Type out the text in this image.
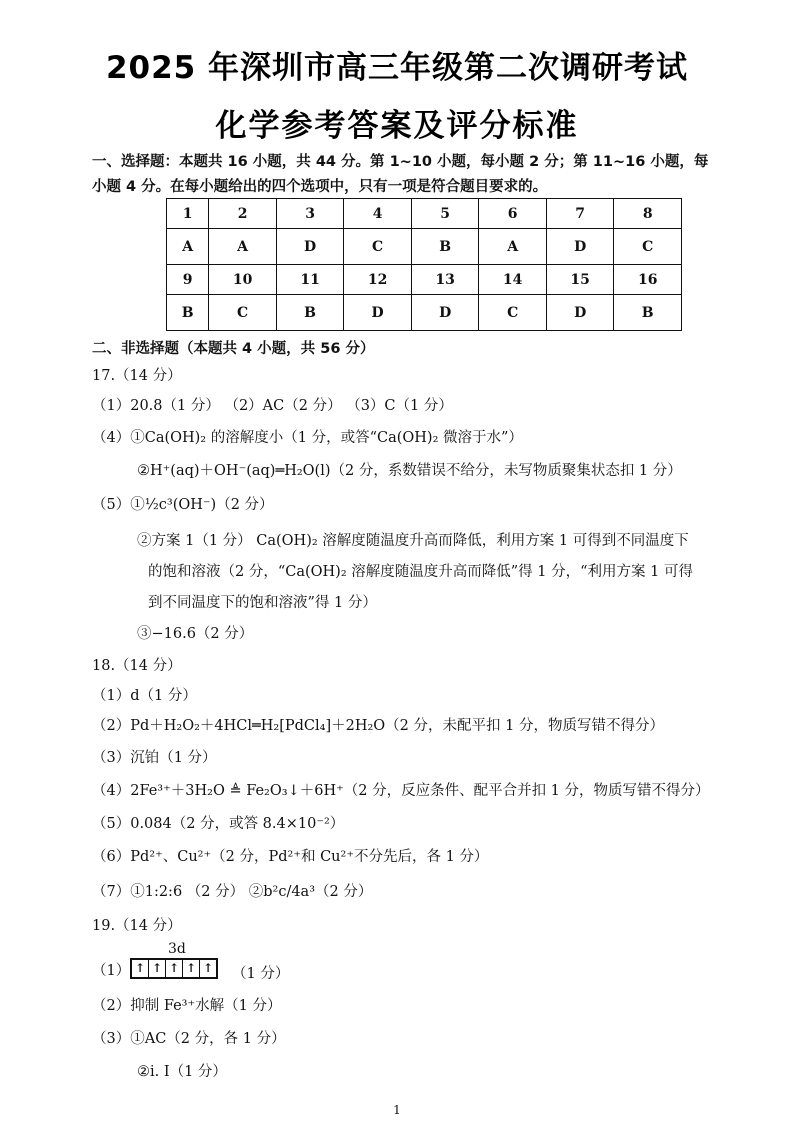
2025 年深圳市高三年级第二次调研考试
化学参考答案及评分标准
一、选择题：本题共 16 小题，共 44 分。第 1~10 小题，每小题 2 分；第 11~16 小题，每小题 4 分。在每小题给出的四个选项中，只有一项是符合题目要求的。
1	2	3	4	5	6	7	8
A	A	D	C	B	A	D	C
9	10	11	12	13	14	15	16
B	C	B	D	D	C	D	B
二、非选择题（本题共 4 小题，共 56 分）
17.（14 分）
（1）20.8（1 分） （2）AC（2 分） （3）C（1 分）
（4）①Ca(OH)₂ 的溶解度小（1 分，或答“Ca(OH)₂ 微溶于水”）
②H⁺(aq)＋OH⁻(aq)═H₂O(l)（2 分，系数错误不给分，未写物质聚集状态扣 1 分）
（5）①½c³(OH⁻)（2 分）
②方案 1（1 分） Ca(OH)₂ 溶解度随温度升高而降低，利用方案 1 可得到不同温度下
的饱和溶液（2 分，“Ca(OH)₂ 溶解度随温度升高而降低”得 1 分，“利用方案 1 可得
到不同温度下的饱和溶液”得 1 分）
③−16.6（2 分）
18.（14 分）
（1）d（1 分）
（2）Pd＋H₂O₂＋4HCl═H₂[PdCl₄]＋2H₂O（2 分，未配平扣 1 分，物质写错不得分）
（3）沉铂（1 分）
（4）2Fe³⁺＋3H₂O ≜ Fe₂O₃↓＋6H⁺（2 分，反应条件、配平合并扣 1 分，物质写错不得分）
（5）0.084（2 分，或答 8.4×10⁻²）
（6）Pd²⁺、Cu²⁺（2 分，Pd²⁺和 Cu²⁺不分先后，各 1 分）
（7）①1:2:6 （2 分） ②b²c/4a³（2 分）
19.（14 分）
3d
（1） ↑ ↑ ↑ ↑ ↑ （1 分）
（2）抑制 Fe³⁺水解（1 分）
（3）①AC（2 分，各 1 分）
②i. I（1 分）
1
